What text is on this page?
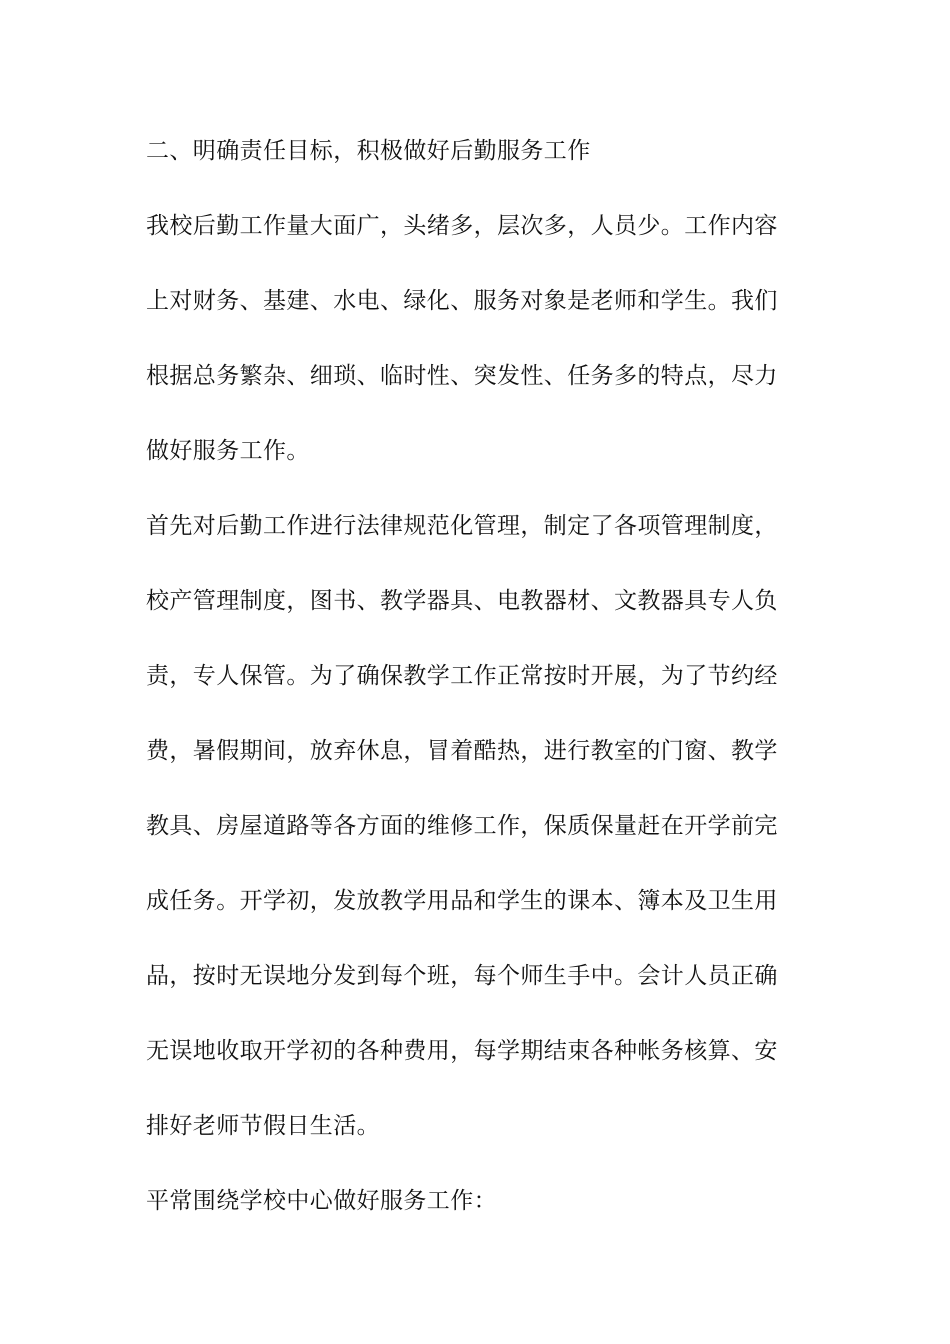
二、明确责任目标，积极做好后勤服务工作
我校后勤工作量大面广，头绪多，层次多，人员少。工作内容
上对财务、基建、水电、绿化、服务对象是老师和学生。我们
根据总务繁杂、细琐、临时性、突发性、任务多的特点，尽力
做好服务工作。
首先对后勤工作进行法律规范化管理，制定了各项管理制度，
校产管理制度，图书、教学器具、电教器材、文教器具专人负
责，专人保管。为了确保教学工作正常按时开展，为了节约经
费，暑假期间，放弃休息，冒着酷热，进行教室的门窗、教学
教具、房屋道路等各方面的维修工作，保质保量赶在开学前完
成任务。开学初，发放教学用品和学生的课本、簿本及卫生用
品，按时无误地分发到每个班，每个师生手中。会计人员正确
无误地收取开学初的各种费用，每学期结束各种帐务核算、安
排好老师节假日生活。
平常围绕学校中心做好服务工作：
